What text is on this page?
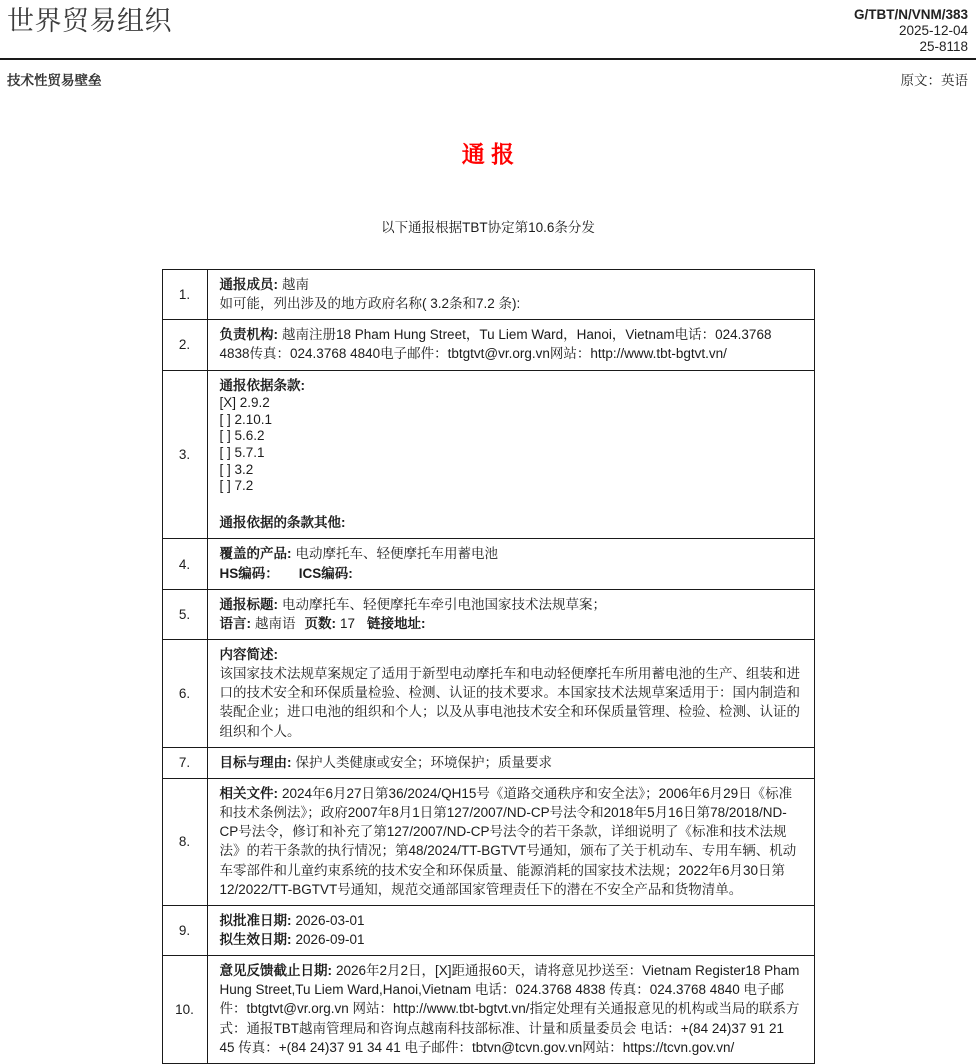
世界贸易组织	G/TBT/N/VNM/383
2025-12-04
25-8118
技术性贸易壁垒	原文：英语
通 报

以下通报根据TBT协定第10.6条分发

1.	通报成员: 越南

如可能，列出涉及的地方政府名称( 3.2条和7.2 条):

2.	负责机构: 越南注册18 Pham Hung Street，Tu Liem Ward，Hanoi，Vietnam电话：024.3768 4838传真：024.3768 4840电子邮件：tbtgtvt@vr.org.vn网站：http://www.tbt-bgtvt.vn/

3.	

通报依据条款:

[X] 2.9.2

[ ] 2.10.1

[ ] 5.6.2

[ ] 5.7.1

[ ] 3.2

[ ] 7.2

通报依据的条款其他:

4.	覆盖的产品: 电动摩托车、轻便摩托车用蓄电池

HS编码： ICS编码:

5.	通报标题: 电动摩托车、轻便摩托车牵引电池国家技术法规草案；

语言: 越南语 页数: 17 链接地址:

6.	内容简述:

该国家技术法规草案规定了适用于新型电动摩托车和电动轻便摩托车所用蓄电池的生产、组装和进口的技术安全和环保质量检验、检测、认证的技术要求。本国家技术法规草案适用于：国内制造和装配企业；进口电池的组织和个人；以及从事电池技术安全和环保质量管理、检验、检测、认证的组织和个人。

7.	目标与理由: 保护人类健康或安全；环境保护；质量要求

8.	相关文件: 2024年6月27日第36/2024/QH15号《道路交通秩序和安全法》；2006年6月29日《标准和技术条例法》；政府2007年8月1日第127/2007/ND-CP号法令和2018年5月16日第78/2018/ND-CP号法令，修订和补充了第127/2007/ND-CP号法令的若干条款，详细说明了《标准和技术法规法》的若干条款的执行情况；第48/2024/TT-BGTVT号通知，颁布了关于机动车、专用车辆、机动车零部件和儿童约束系统的技术安全和环保质量、能源消耗的国家技术法规；2022年6月30日第12/2022/TT-BGTVT号通知，规范交通部国家管理责任下的潜在不安全产品和货物清单。

9.	拟批准日期: 2026-03-01

拟生效日期: 2026-09-01

10.	意见反馈截止日期: 2026年2月2日，[X]距通报60天，请将意见抄送至：Vietnam Register18 Pham Hung Street,Tu Liem Ward,Hanoi,Vietnam 电话：024.3768 4838 传真：024.3768 4840 电子邮件：tbtgtvt@vr.org.vn 网站：http://www.tbt-bgtvt.vn/指定处理有关通报意见的机构或当局的联系方式：通报TBT越南管理局和咨询点越南科技部标准、计量和质量委员会 电话：+(84 24)37 91 21 45 传真：+(84 24)37 91 34 41 电子邮件：tbtvn@tcvn.gov.vn网站：https://tcvn.gov.vn/
